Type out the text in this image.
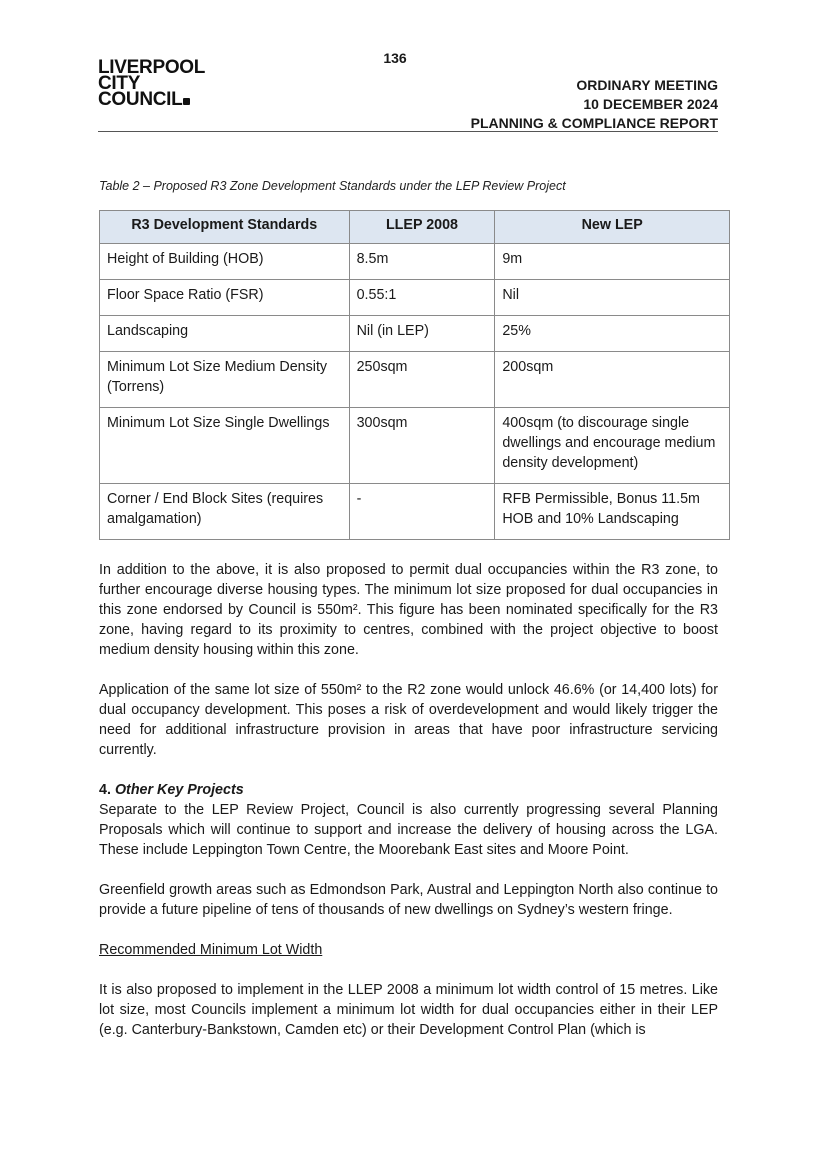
136
LIVERPOOL
CITY
COUNCIL
ORDINARY MEETING
10 DECEMBER 2024
PLANNING & COMPLIANCE REPORT
Table 2 – Proposed R3 Zone Development Standards under the LEP Review Project
R3 Development Standards	LLEP 2008	New LEP
Height of Building (HOB)	8.5m	9m
Floor Space Ratio (FSR)	0.55:1	Nil
Landscaping	Nil (in LEP)	25%
Minimum Lot Size Medium Density (Torrens)	250sqm	200sqm
Minimum Lot Size Single Dwellings	300sqm	400sqm (to discourage single dwellings and encourage medium density development)
Corner / End Block Sites (requires amalgamation)	-	RFB Permissible, Bonus 11.5m HOB and 10% Landscaping

In addition to the above, it is also proposed to permit dual occupancies within the R3 zone, to further encourage diverse housing types. The minimum lot size proposed for dual occupancies in this zone endorsed by Council is 550m². This figure has been nominated specifically for the R3 zone, having regard to its proximity to centres, combined with the project objective to boost medium density housing within this zone.

Application of the same lot size of 550m² to the R2 zone would unlock 46.6% (or 14,400 lots) for dual occupancy development. This poses a risk of overdevelopment and would likely trigger the need for additional infrastructure provision in areas that have poor infrastructure servicing currently.

4. Other Key Projects

Separate to the LEP Review Project, Council is also currently progressing several Planning Proposals which will continue to support and increase the delivery of housing across the LGA. These include Leppington Town Centre, the Moorebank East sites and Moore Point.

Greenfield growth areas such as Edmondson Park, Austral and Leppington North also continue to provide a future pipeline of tens of thousands of new dwellings on Sydney’s western fringe.

Recommended Minimum Lot Width

It is also proposed to implement in the LLEP 2008 a minimum lot width control of 15 metres. Like lot size, most Councils implement a minimum lot width for dual occupancies either in their LEP (e.g. Canterbury-Bankstown, Camden etc) or their Development Control Plan (which is
